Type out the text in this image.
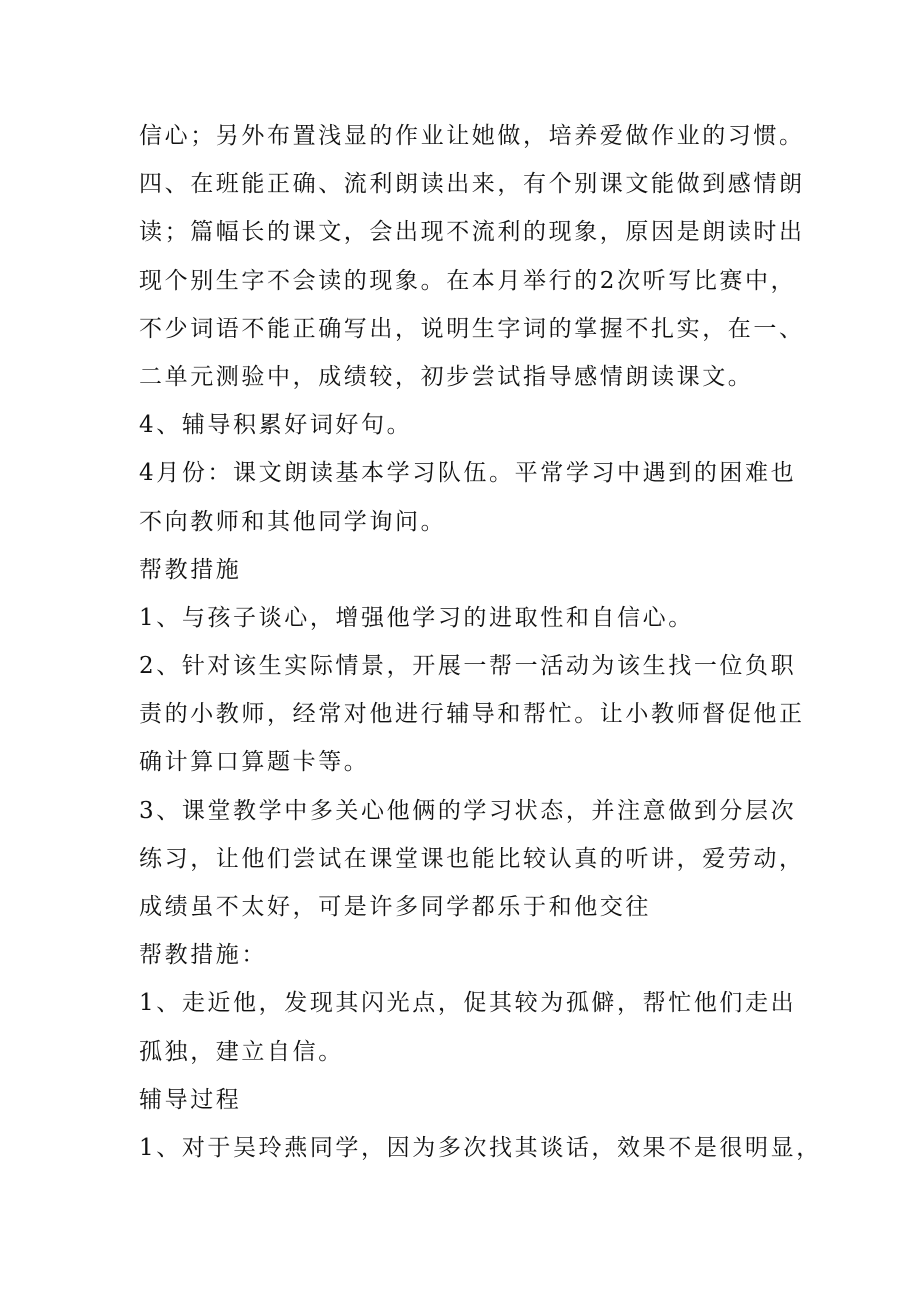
信心；另外布置浅显的作业让她做，培养爱做作业的习惯。
四、在班能正确、流利朗读出来，有个别课文能做到感情朗
读；篇幅长的课文，会出现不流利的现象，原因是朗读时出
现个别生字不会读的现象。在本月举行的2次听写比赛中，
不少词语不能正确写出，说明生字词的掌握不扎实，在一、
二单元测验中，成绩较，初步尝试指导感情朗读课文。
4、辅导积累好词好句。
4月份：课文朗读基本学习队伍。平常学习中遇到的困难也
不向教师和其他同学询问。
帮教措施
1、与孩子谈心，增强他学习的进取性和自信心。
2、针对该生实际情景，开展一帮一活动为该生找一位负职
责的小教师，经常对他进行辅导和帮忙。让小教师督促他正
确计算口算题卡等。
3、课堂教学中多关心他俩的学习状态，并注意做到分层次
练习，让他们尝试在课堂课也能比较认真的听讲，爱劳动，
成绩虽不太好，可是许多同学都乐于和他交往
帮教措施：
1、走近他，发现其闪光点，促其较为孤僻，帮忙他们走出
孤独，建立自信。
辅导过程
1、对于吴玲燕同学，因为多次找其谈话，效果不是很明显，
